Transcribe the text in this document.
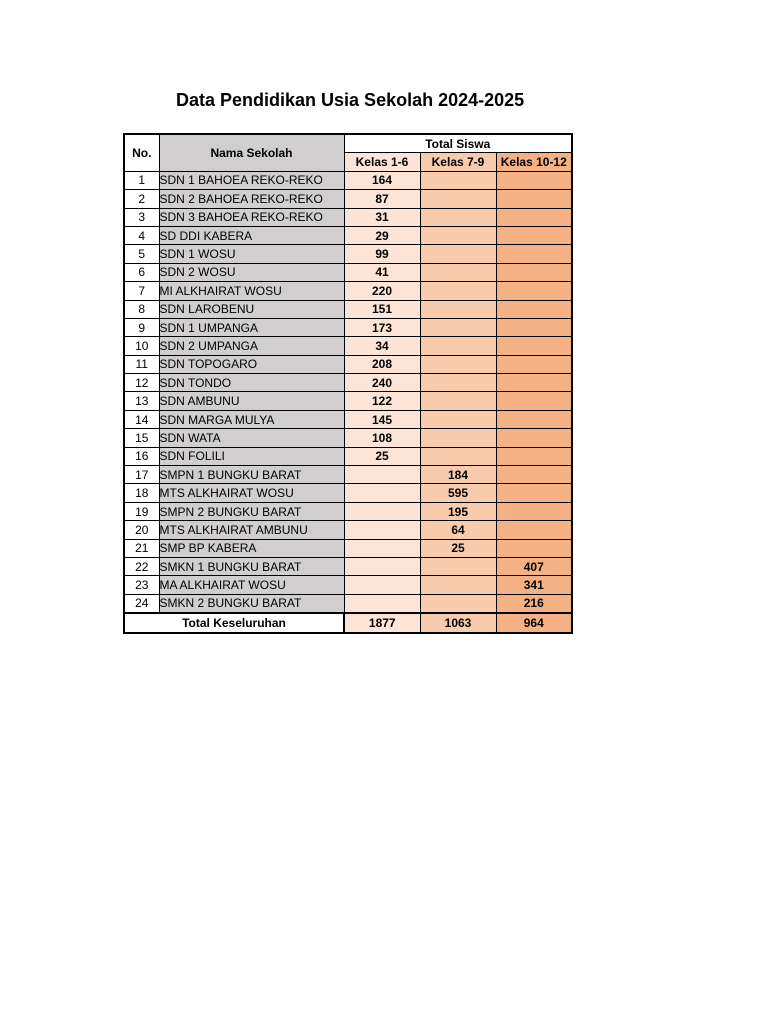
Data Pendidikan Usia Sekolah 2024-2025
No.	Nama Sekolah	Total Siswa		
		Kelas 1-6	Kelas 7-9	Kelas 10-12
1	SDN 1 BAHOEA REKO-REKO	164		
2	SDN 2 BAHOEA REKO-REKO	87		
3	SDN 3 BAHOEA REKO-REKO	31		
4	SD DDI KABERA	29		
5	SDN 1 WOSU	99		
6	SDN 2 WOSU	41		
7	MI ALKHAIRAT WOSU	220		
8	SDN LAROBENU	151		
9	SDN 1 UMPANGA	173		
10	SDN 2 UMPANGA	34		
11	SDN TOPOGARO	208		
12	SDN TONDO	240		
13	SDN AMBUNU	122		
14	SDN MARGA MULYA	145		
15	SDN WATA	108		
16	SDN FOLILI	25		
17	SMPN 1 BUNGKU BARAT		184	
18	MTS ALKHAIRAT WOSU		595	
19	SMPN 2 BUNGKU BARAT		195	
20	MTS ALKHAIRAT AMBUNU		64	
21	SMP BP KABERA		25	
22	SMKN 1 BUNGKU BARAT			407
23	MA ALKHAIRAT WOSU			341
24	SMKN 2 BUNGKU BARAT			216
Total Keseluruhan		1877	1063	964
